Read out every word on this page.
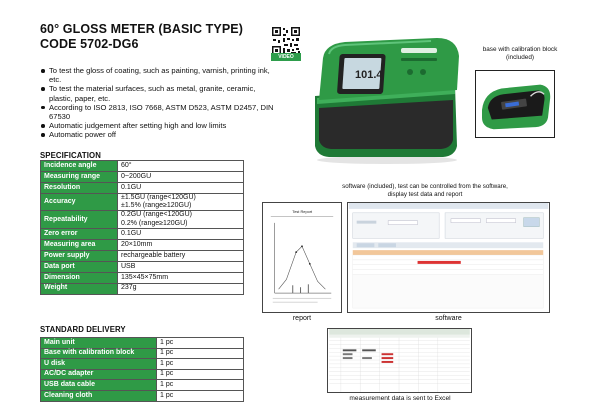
60° GLOSS METER (BASIC TYPE)
CODE 5702-DG6
VIDEO
To test the gloss of coating, such as painting, varnish, printing ink, etc.
To test the material surfaces, such as metal, granite, ceramic, plastic, paper, etc.
According to ISO 2813, ISO 7668, ASTM D523, ASTM D2457, DIN 67530
Automatic judgement after setting high and low limits
Automatic power off
101.4
base with calibration block
(included)
SPECIFICATION
Incidence angle	60°
Measuring range	0~200GU
Resolution	0.1GU
Accuracy	±1.5GU (range<120GU)
±1.5% (range≥120GU)

Repeatability	0.2GU (range<120GU)
0.2% (range≥120GU)

Zero error	0.1GU
Measuring area	20×10mm
Power supply	rechargeable battery
Data port	USB
Dimension	135×45×75mm
Weight	237g
STANDARD DELIVERY
Main unit	1 pc
Base with calibration block	1 pc
U disk	1 pc
AC/DC adapter	1 pc
USB data cable	1 pc
Cleaning cloth	1 pc
software (included), test can be controlled from the software,
display test data and report
Test Report
report	software
measurement data is sent to Excel
